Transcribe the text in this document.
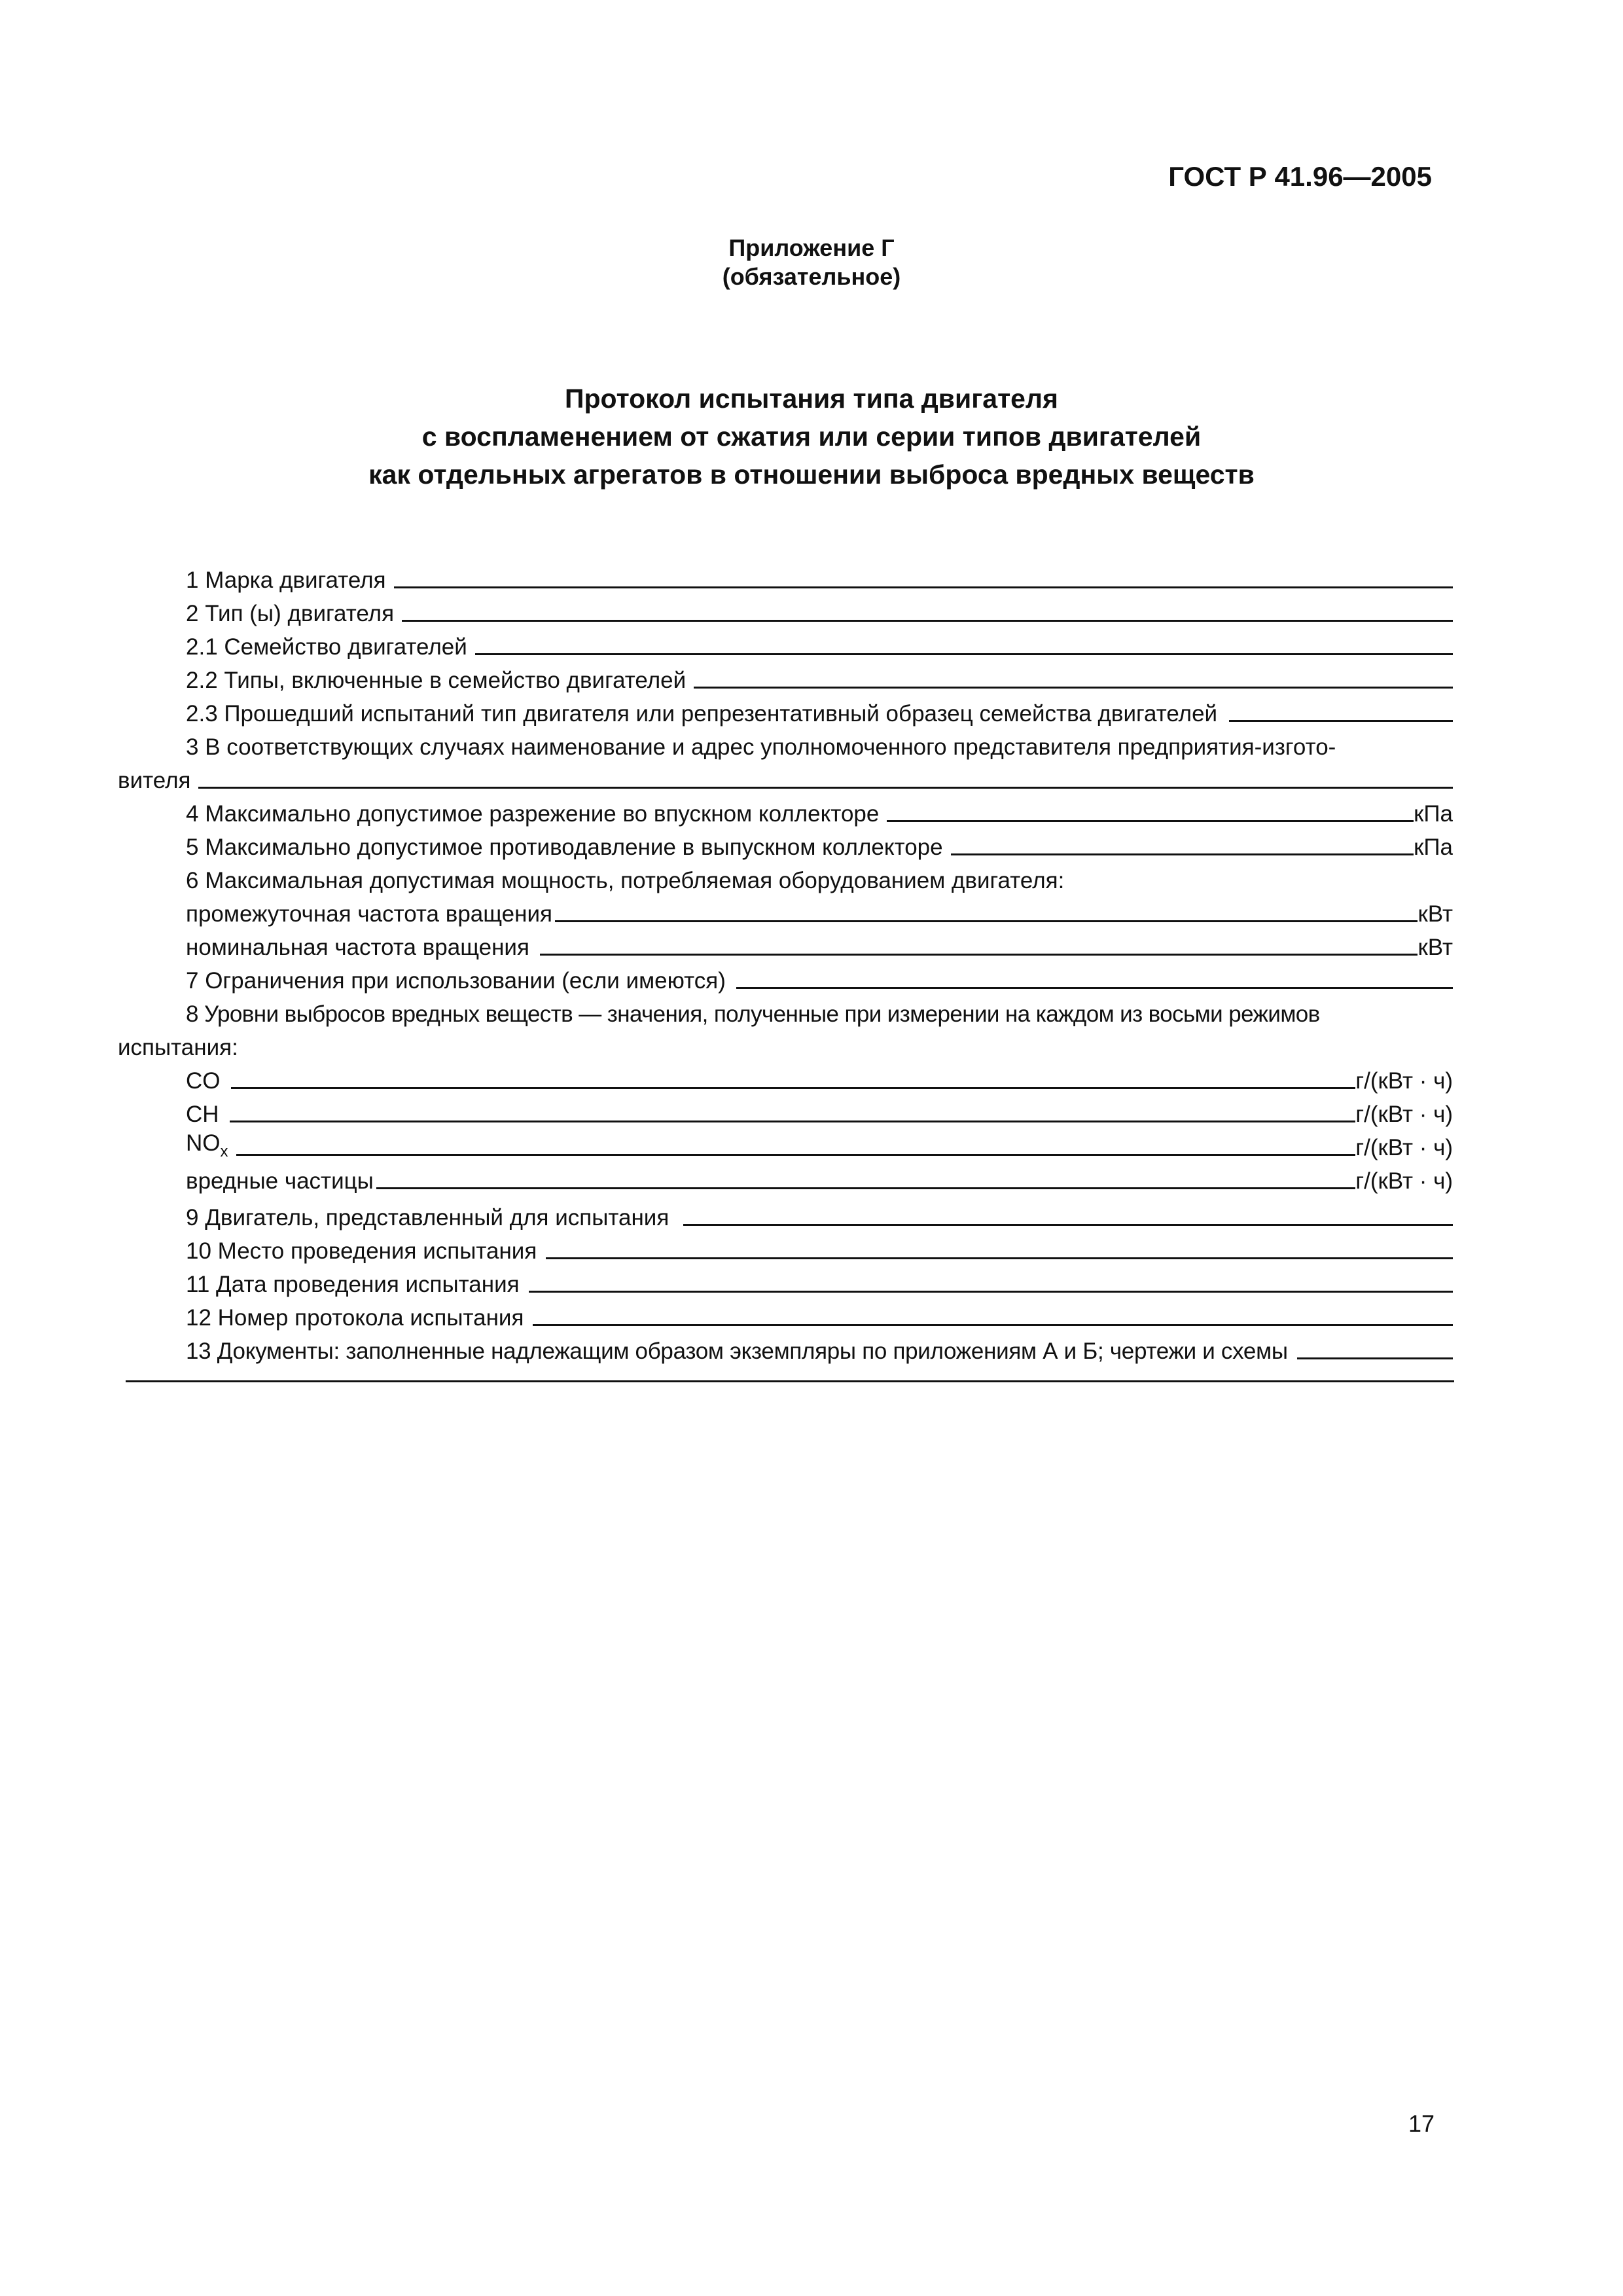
ГОСТ Р 41.96—2005
Приложение Г
(обязательное)
Протокол испытания типа двигателя
с воспламенением от сжатия или серии типов двигателей
как отдельных агрегатов в отношении выброса вредных веществ
1 Марка двигателя
2 Тип (ы) двигателя
2.1 Семейство двигателей
2.2 Типы, включенные в семейство двигателей
2.3 Прошедший испытаний тип двигателя или репрезентативный образец семейства двигателей
3 В соответствующих случаях наименование и адрес уполномоченного представителя предприятия-изгото-
вителя
4 Максимально допустимое разрежение во впускном коллекторе	кПа
5 Максимально допустимое противодавление в выпускном коллекторе	кПа
6 Максимальная допустимая мощность, потребляемая оборудованием двигателя:
промежуточная частота вращения	кВт
номинальная частота вращения	кВт
7 Ограничения при использовании (если имеются)
8 Уровни выбросов вредных веществ — значения, полученные при измерении на каждом из восьми режимов
испытания:
CO	г/(кВт · ч)
CH	г/(кВт · ч)
$NO_x$	г/(кВт · ч)
вредные частицы	г/(кВт · ч)
9 Двигатель, представленный для испытания
10 Место проведения испытания
11 Дата проведения испытания
12 Номер протокола испытания
13 Документы: заполненные надлежащим образом экземпляры по приложениям А и Б; чертежи и схемы
17
